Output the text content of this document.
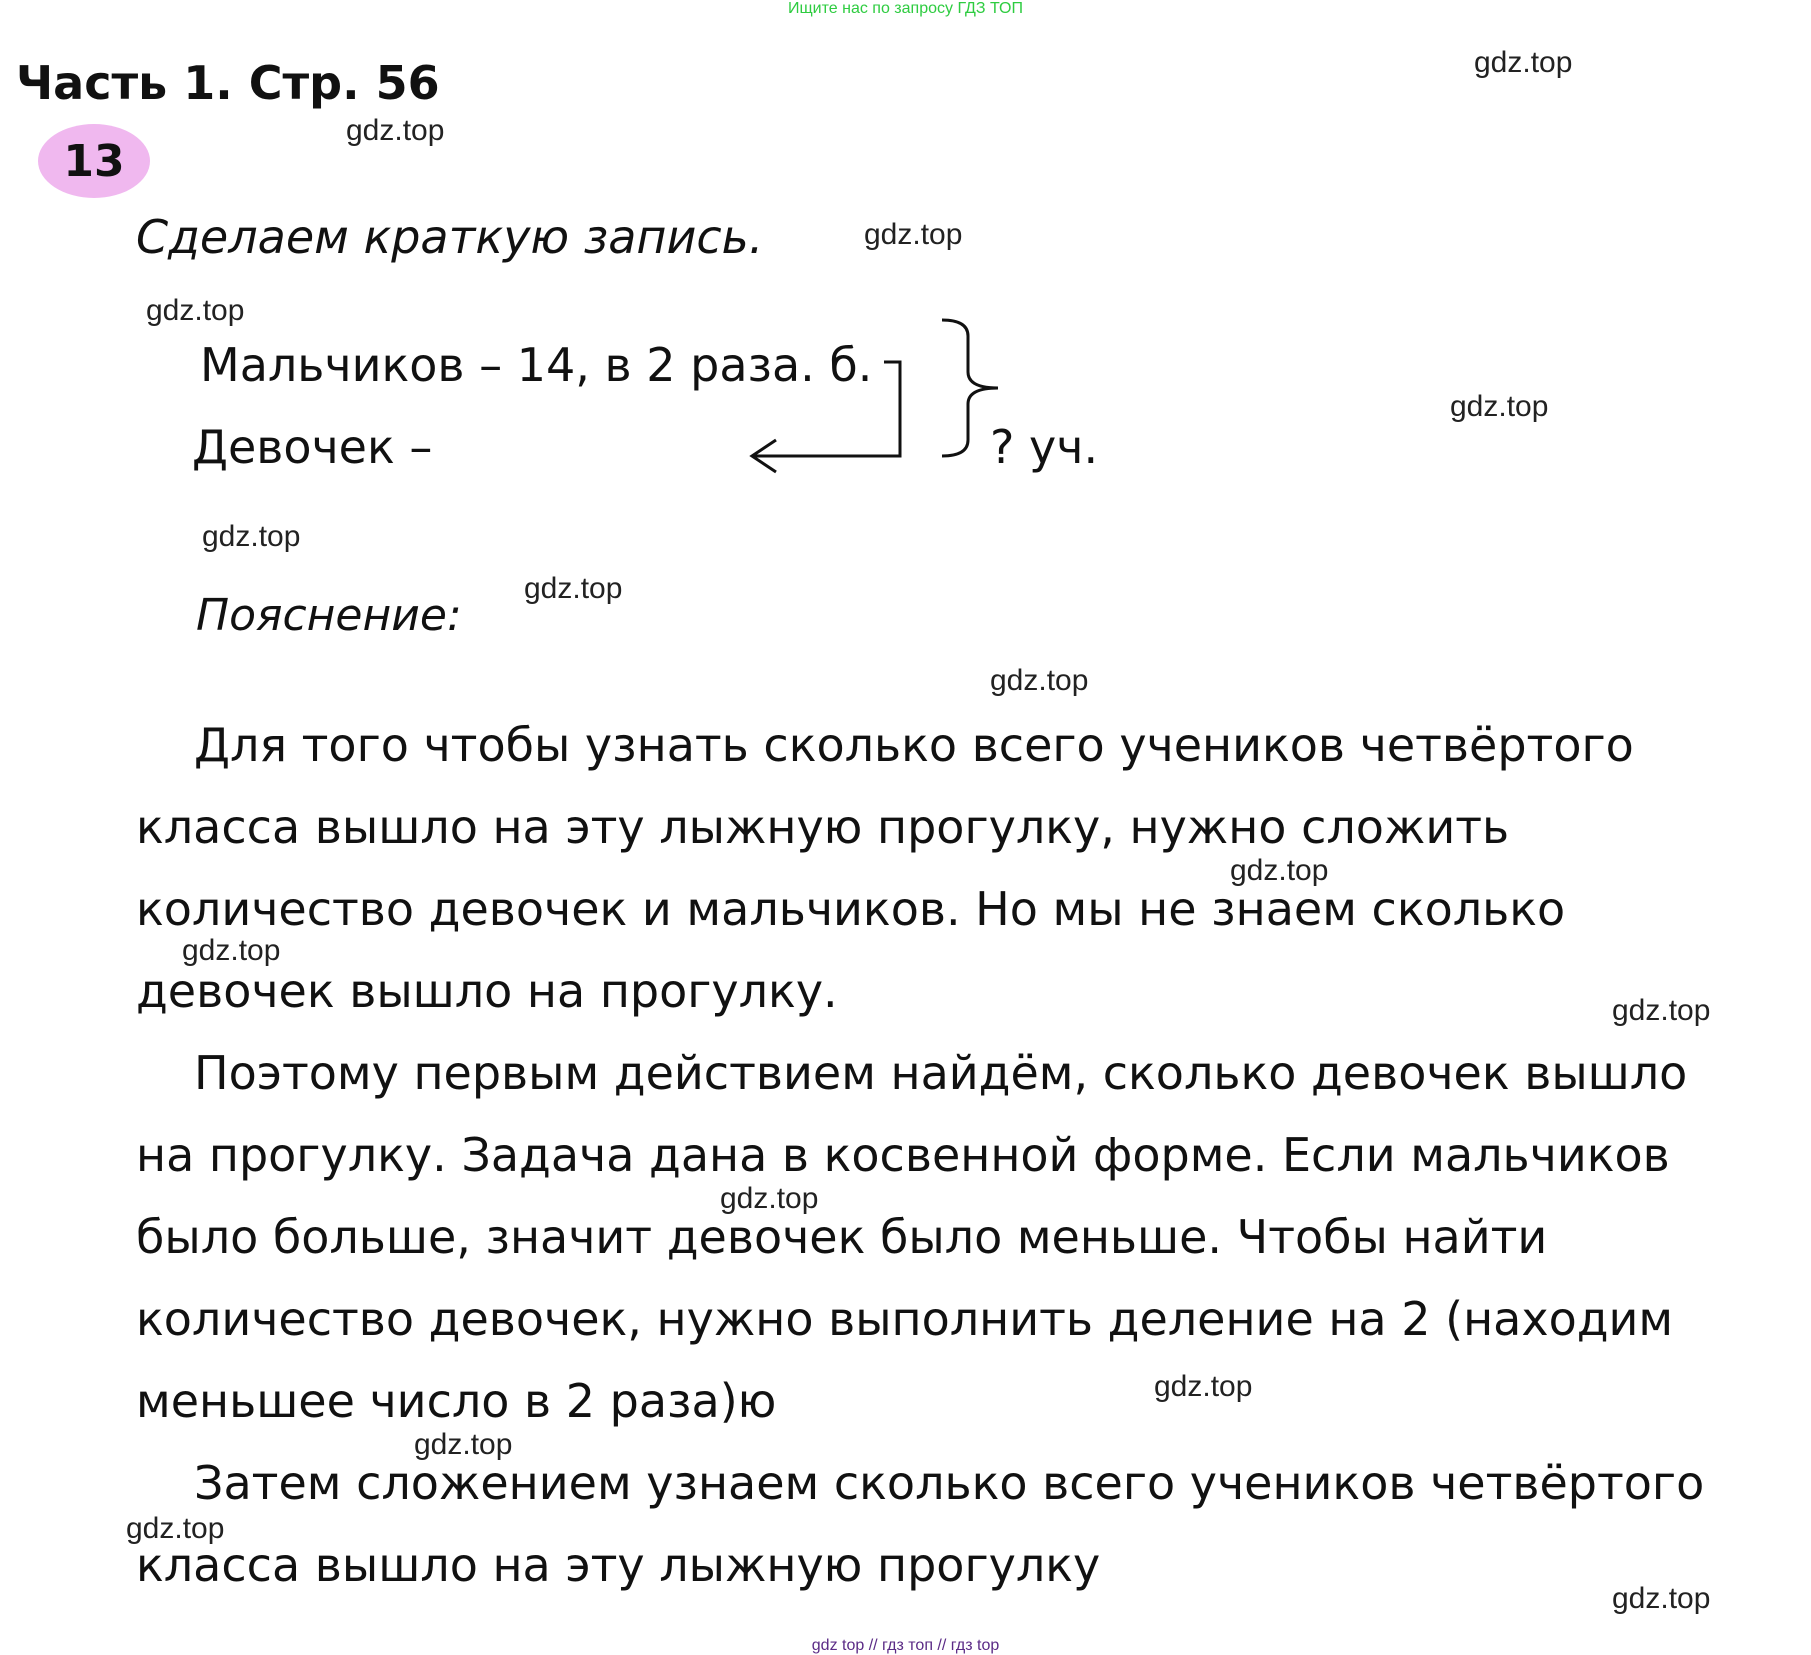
Ищите нас по запросу ГДЗ ТОП
Часть 1. Стр. 56
13
Сделаем краткую запись.
Мальчиков – 14, в 2 раза. б.
Девочек –	? уч.
Пояснение:
Для того чтобы узнать сколько всего учеников четвёртого
класса вышло на эту лыжную прогулку, нужно сложить
количество девочек и мальчиков. Но мы не знаем сколько
девочек вышло на прогулку.
Поэтому первым действием найдём, сколько девочек вышло
на прогулку. Задача дана в косвенной форме. Если мальчиков
было больше, значит девочек было меньше. Чтобы найти
количество девочек, нужно выполнить деление на 2 (находим
меньшее число в 2 раза)ю
Затем сложением узнаем сколько всего учеников четвёртого
класса вышло на эту лыжную прогулку
gdz.top
gdz.top
gdz.top
gdz.top
gdz.top
gdz.top
gdz.top
gdz.top
gdz.top
gdz.top
gdz.top
gdz.top
gdz.top
gdz.top
gdz.top
gdz.top
gdz top // гдз топ // гдз top
